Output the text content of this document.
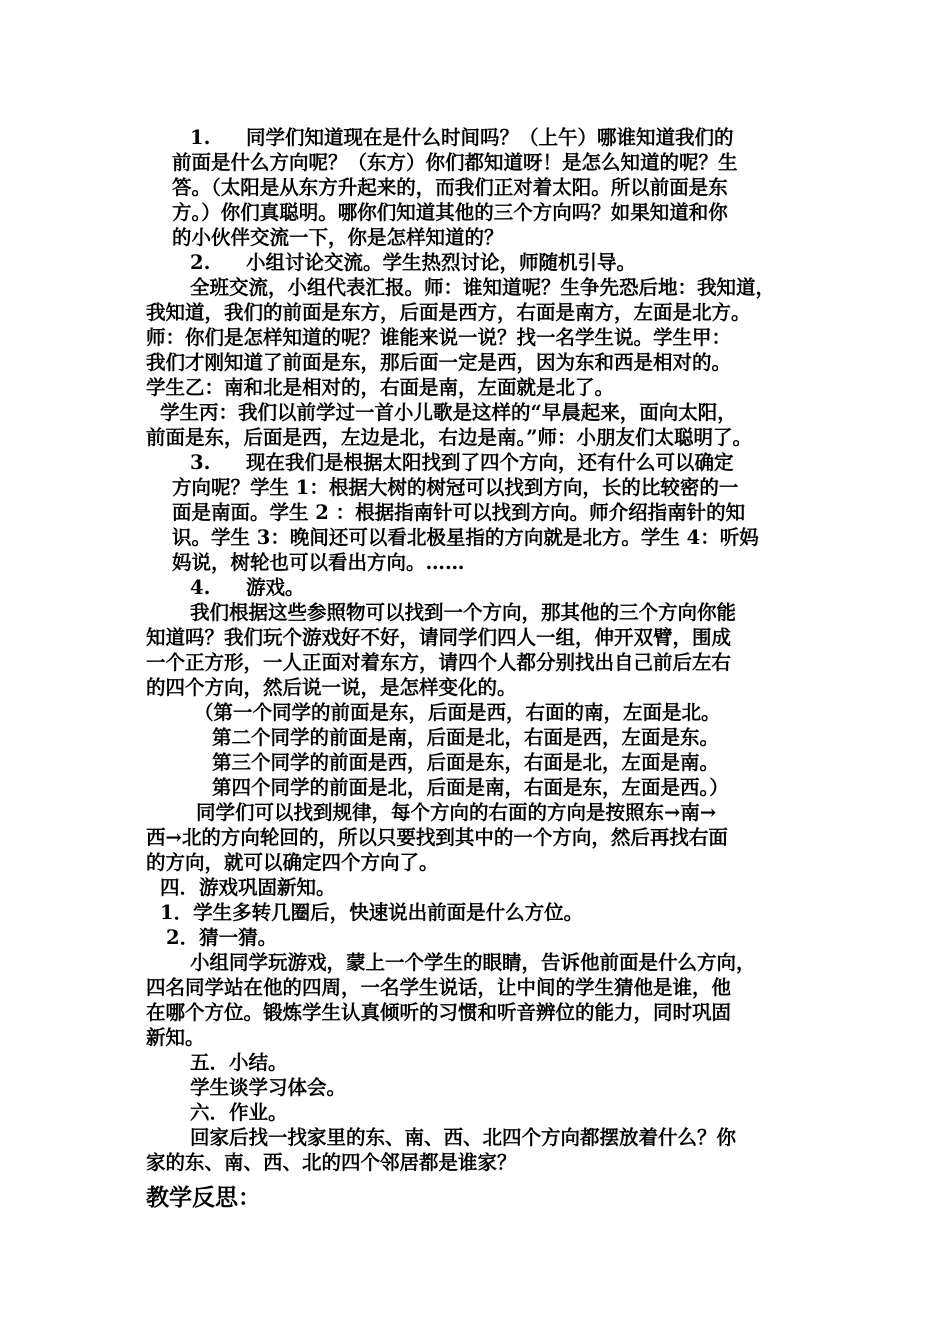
1. 同学们知道现在是什么时间吗？（上午）哪谁知道我们的
前面是什么方向呢？（东方）你们都知道呀！是怎么知道的呢？生
答。（太阳是从东方升起来的，而我们正对着太阳。所以前面是东
方。）你们真聪明。哪你们知道其他的三个方向吗？如果知道和你
的小伙伴交流一下，你是怎样知道的？
2. 小组讨论交流。学生热烈讨论，师随机引导。
全班交流，小组代表汇报。师：谁知道呢？生争先恐后地：我知道，
我知道，我们的前面是东方，后面是西方，右面是南方，左面是北方。
师：你们是怎样知道的呢？谁能来说一说？找一名学生说。学生甲：
我们才刚知道了前面是东，那后面一定是西，因为东和西是相对的。
学生乙：南和北是相对的，右面是南，左面就是北了。
学生丙：我们以前学过一首小儿歌是这样的“早晨起来，面向太阳，
前面是东，后面是西，左边是北，右边是南。”师：小朋友们太聪明了。
3. 现在我们是根据太阳找到了四个方向，还有什么可以确定
方向呢？学生 1：根据大树的树冠可以找到方向，长的比较密的一
面是南面。学生 2 ：根据指南针可以找到方向。师介绍指南针的知
识。学生 3：晚间还可以看北极星指的方向就是北方。学生 4：听妈
妈说，树轮也可以看出方向。……
4. 游戏。
我们根据这些参照物可以找到一个方向，那其他的三个方向你能
知道吗？我们玩个游戏好不好，请同学们四人一组，伸开双臂，围成
一个正方形，一人正面对着东方，请四个人都分别找出自己前后左右
的四个方向，然后说一说，是怎样变化的。
（第一个同学的前面是东，后面是西，右面的南，左面是北。
第二个同学的前面是南，后面是北，右面是西，左面是东。
第三个同学的前面是西，后面是东，右面是北，左面是南。
第四个同学的前面是北，后面是南，右面是东，左面是西。）
同学们可以找到规律，每个方向的右面的方向是按照东→南→
西→北的方向轮回的，所以只要找到其中的一个方向，然后再找右面
的方向，就可以确定四个方向了。
四．游戏巩固新知。
1．学生多转几圈后，快速说出前面是什么方位。
2．猜一猜。
小组同学玩游戏，蒙上一个学生的眼睛，告诉他前面是什么方向，
四名同学站在他的四周，一名学生说话，让中间的学生猜他是谁，他
在哪个方位。锻炼学生认真倾听的习惯和听音辨位的能力，同时巩固
新知。
五．小结。
学生谈学习体会。
六．作业。
回家后找一找家里的东、南、西、北四个方向都摆放着什么？你
家的东、南、西、北的四个邻居都是谁家？
教学反思：
